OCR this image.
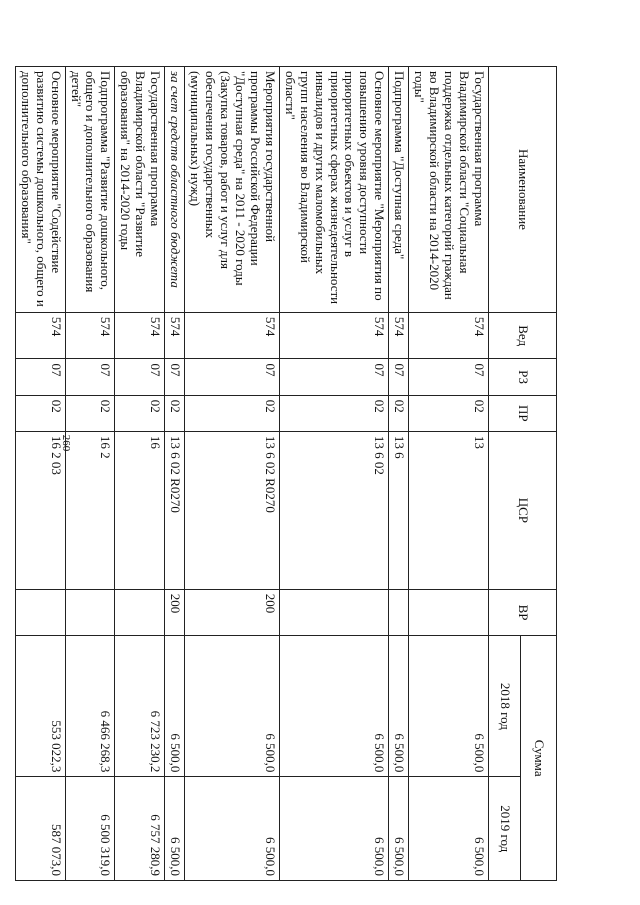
260
Наименование	Вед	РЗ	ПР	ЦСР	ВР	Сумма	
						2018 год	2019 год
Государственная программа Владимирской области "Социальная поддержка отдельных категорий граждан во Владимирской области на 2014-2020 годы"	574	07	02	13		6 500,0	6 500,0
Подпрограмма "Доступная среда"	574	07	02	13 6		6 500,0	6 500,0
Основное мероприятие "Мероприятия по повышению уровня доступности приоритетных объектов и услуг в приоритетных сферах жизнедеятельности инвалидов и других маломобильных групп населения во Владимирской области"	574	07	02	13 6 02		6 500,0	6 500,0
Мероприятия государственной программы Российской Федерации "Доступная среда" на 2011 - 2020 годы (Закупка товаров, работ и услуг для обеспечения государственных (муниципальных) нужд)	574	07	02	13 6 02 R0270	200	6 500,0	6 500,0
за счет средств областного бюджета	574	07	02	13 6 02 R0270	200	6 500,0	6 500,0
Государственная программа Владимирской области "Развитие образования" на 2014-2020 годы	574	07	02	16		6 723 230,2	6 757 280,9
Подпрограмма "Развитие дошкольного, общего и дополнительного образования детей"	574	07	02	16 2		6 466 268,3	6 500 319,0
Основное мероприятие "Содействие развитию системы дошкольного, общего и дополнительного образования"	574	07	02	16 2 03		553 022,3	587 073,0
